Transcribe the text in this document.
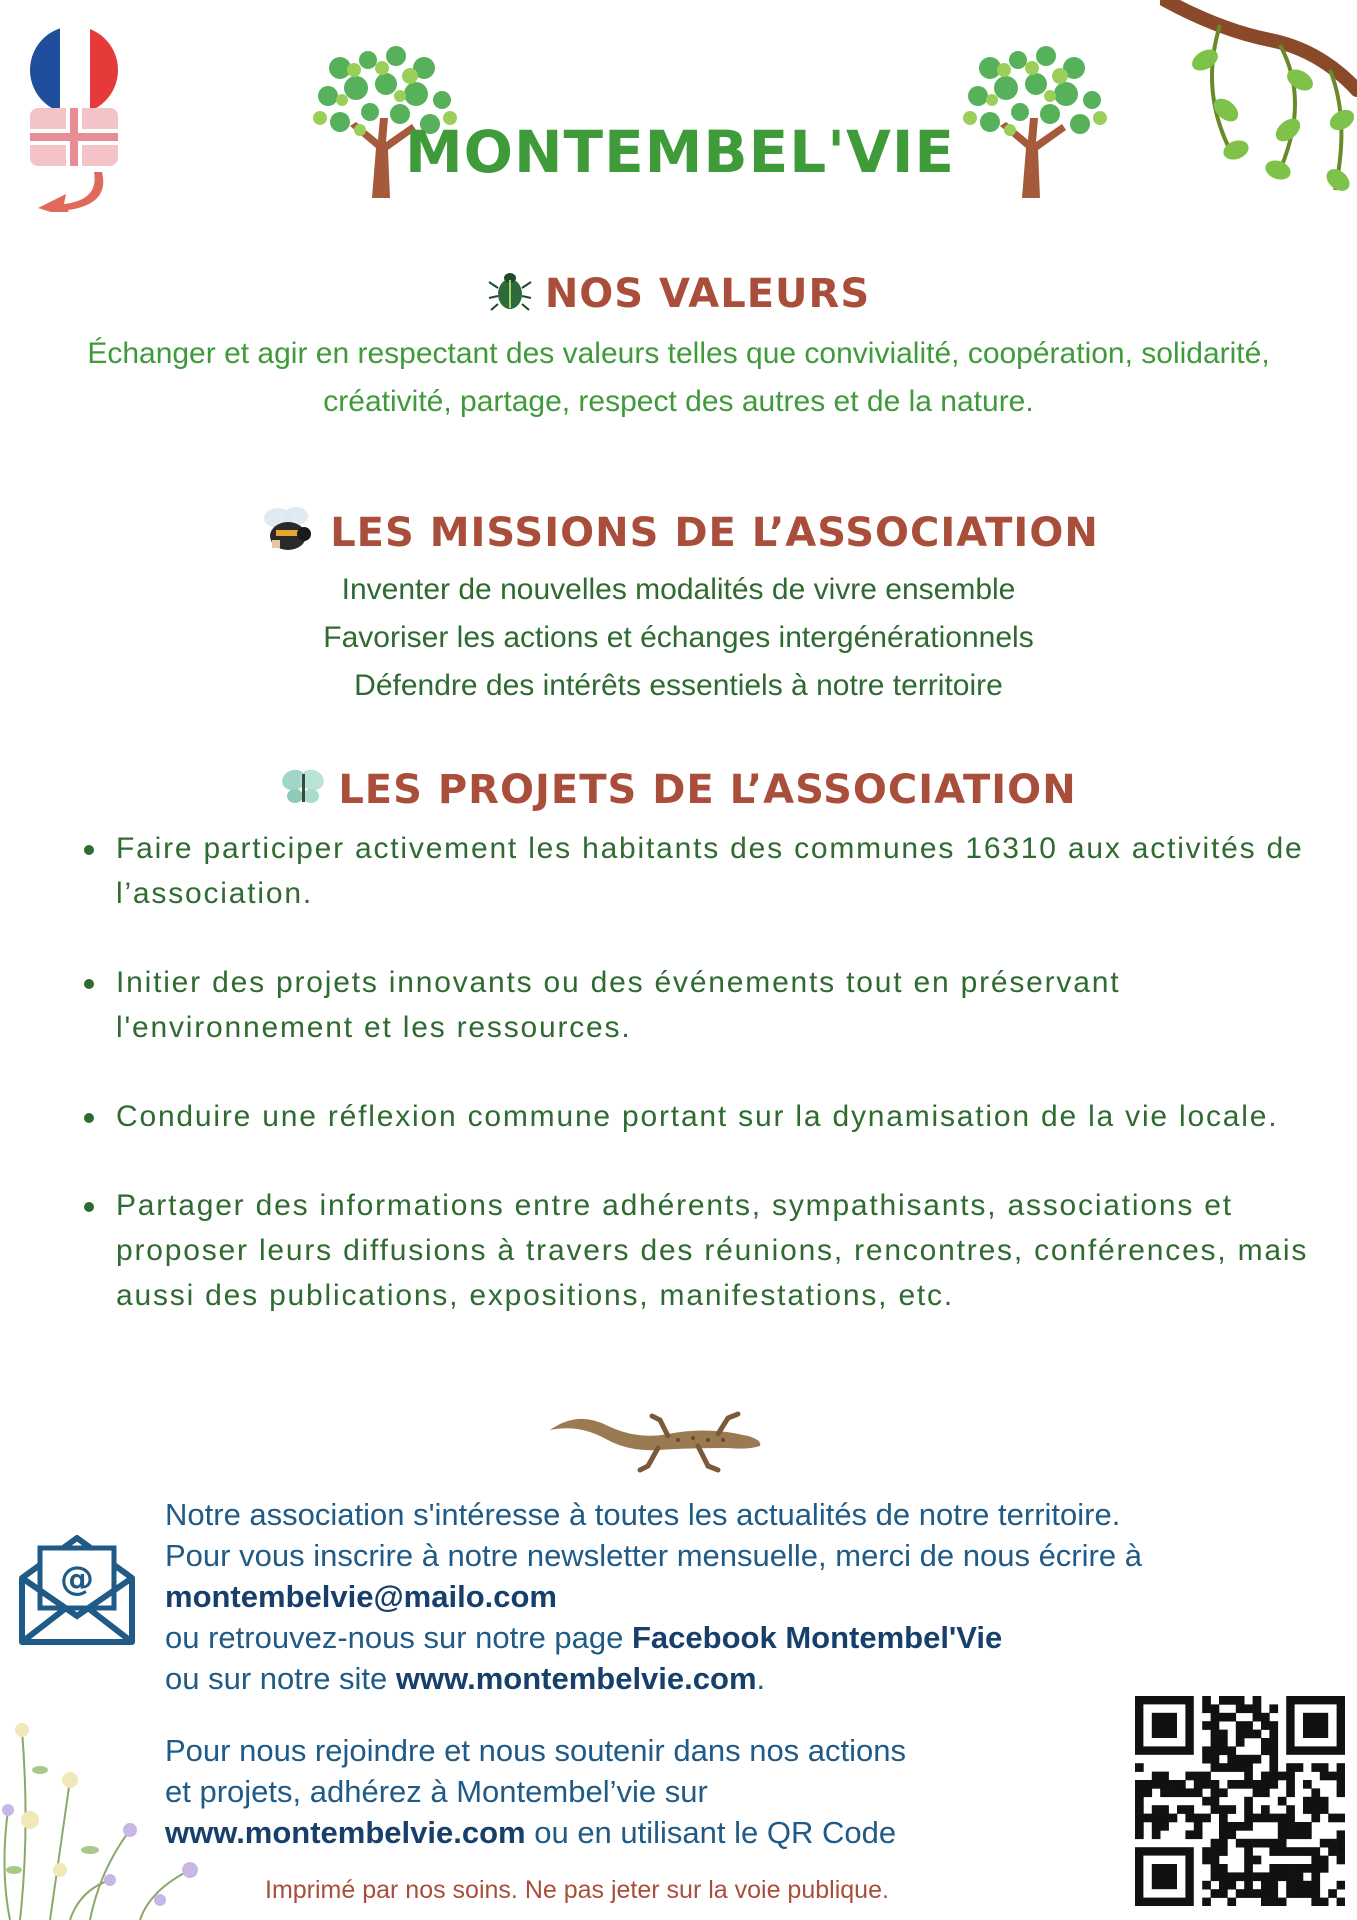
MONTEMBEL'VIE
NOS VALEURS
Échanger et agir en respectant des valeurs telles que convivialité, coopération, solidarité, créativité, partage, respect des autres et de la nature.
LES MISSIONS DE L’ASSOCIATION
Inventer de nouvelles modalités de vivre ensemble
Favoriser les actions et échanges intergénérationnels
Défendre des intérêts essentiels à notre territoire
LES PROJETS DE L’ASSOCIATION
Faire participer activement les habitants des communes 16310 aux activités de l’association.
Initier des projets innovants ou des événements tout en préservant l'environnement et les ressources.
Conduire une réflexion commune portant sur la dynamisation de la vie locale.
Partager des informations entre adhérents, sympathisants, associations et proposer leurs diffusions à travers des réunions, rencontres, conférences, mais aussi des publications, expositions, manifestations, etc.
@
Notre association s'intéresse à toutes les actualités de notre territoire.
Pour vous inscrire à notre newsletter mensuelle, merci de nous écrire à
montembelvie@mailo.com
ou retrouvez-nous sur notre page Facebook Montembel'Vie
ou sur notre site www.montembelvie.com.
Pour nous rejoindre et nous soutenir dans nos actions
et projets, adhérez à Montembel’vie sur
www.montembelvie.com ou en utilisant le QR Code
Imprimé par nos soins. Ne pas jeter sur la voie publique.
